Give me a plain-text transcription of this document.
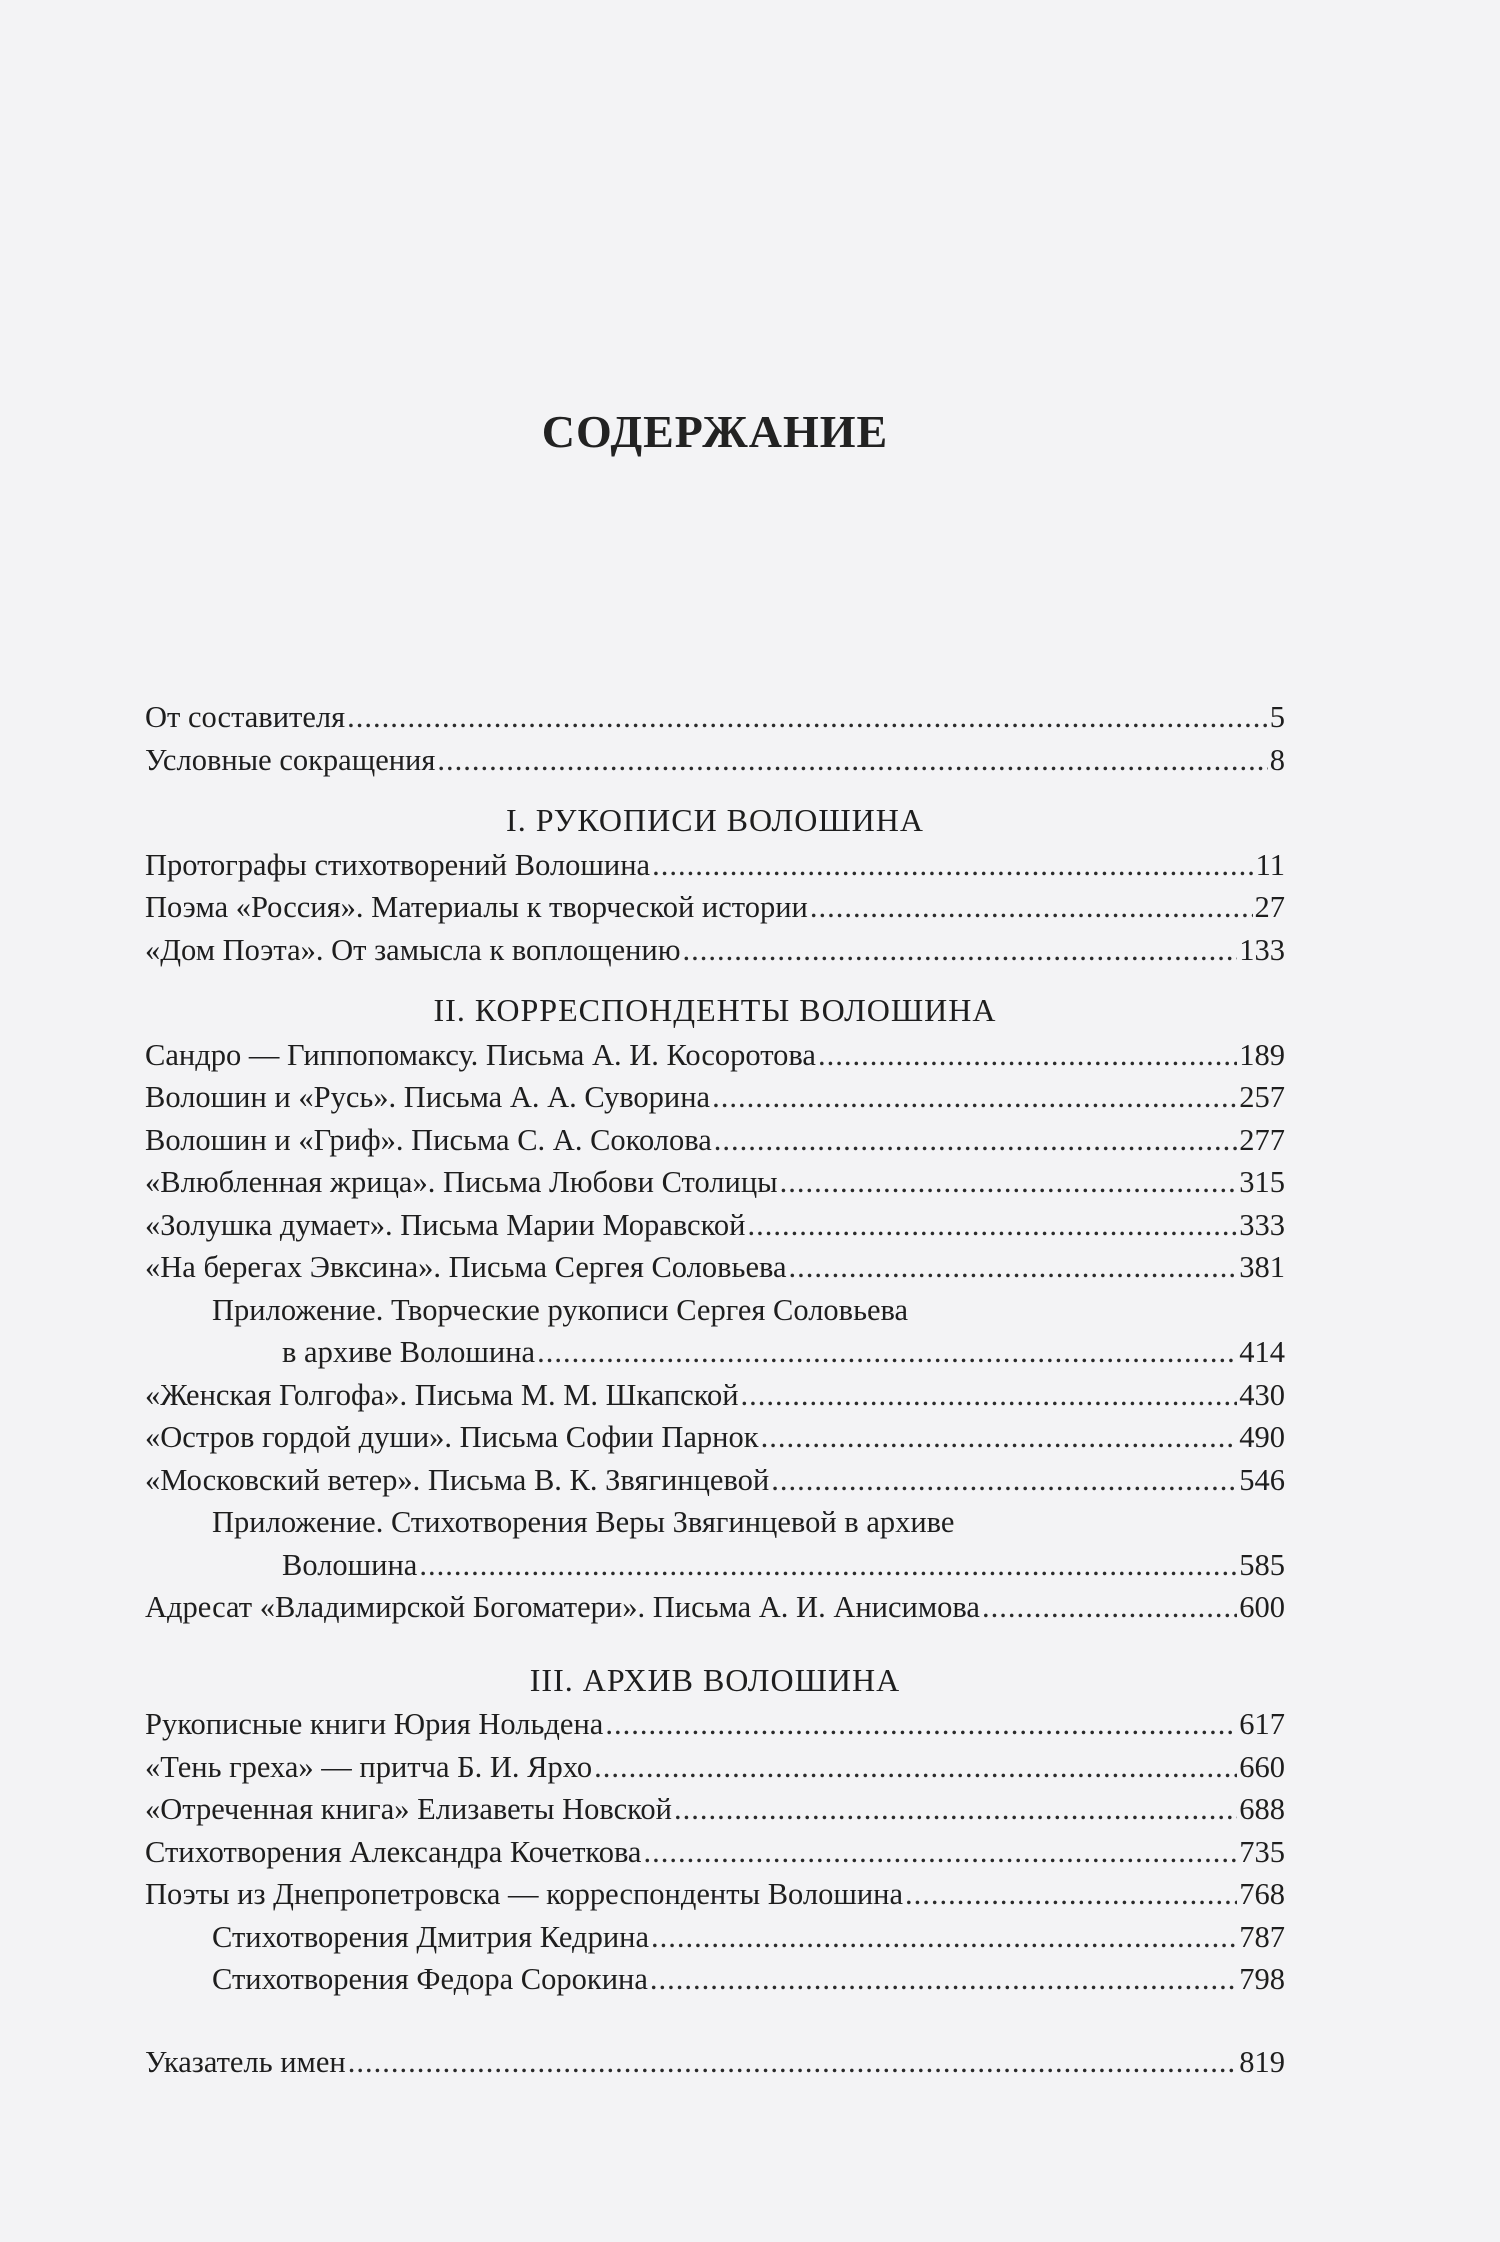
СОДЕРЖАНИЕ
От составителя .....	5
Условные сокращения .....	8
I. РУКОПИСИ ВОЛОШИНА
Протографы стихотворений Волошина .....	11
Поэма «Россия». Материалы к творческой истории .....	27
«Дом Поэта». От замысла к воплощению .....	133
II. КОРРЕСПОНДЕНТЫ ВОЛОШИНА
Сандро — Гиппопомаксу. Письма А. И. Косоротова .....	189
Волошин и «Русь». Письма А. А. Суворина .....	257
Волошин и «Гриф». Письма С. А. Соколова .....	277
«Влюбленная жрица». Письма Любови Столицы .....	315
«Золушка думает». Письма Марии Моравской .....	333
«На берегах Эвксина». Письма Сергея Соловьева .....	381
Приложение. Творческие рукописи Сергея Соловьева
в архиве Волошина .....	414
«Женская Голгофа». Письма М. М. Шкапской .....	430
«Остров гордой души». Письма Софии Парнок .....	490
«Московский ветер». Письма В. К. Звягинцевой .....	546
Приложение. Стихотворения Веры Звягинцевой в архиве
Волошина .....	585
Адресат «Владимирской Богоматери». Письма А. И. Анисимова .....	600
III. АРХИВ ВОЛОШИНА
Рукописные книги Юрия Нольдена .....	617
«Тень греха» — притча Б. И. Ярхо .....	660
«Отреченная книга» Елизаветы Новской .....	688
Стихотворения Александра Кочеткова .....	735
Поэты из Днепропетровска — корреспонденты Волошина .....	768
Стихотворения Дмитрия Кедрина .....	787
Стихотворения Федора Сорокина .....	798
Указатель имен .....	819
